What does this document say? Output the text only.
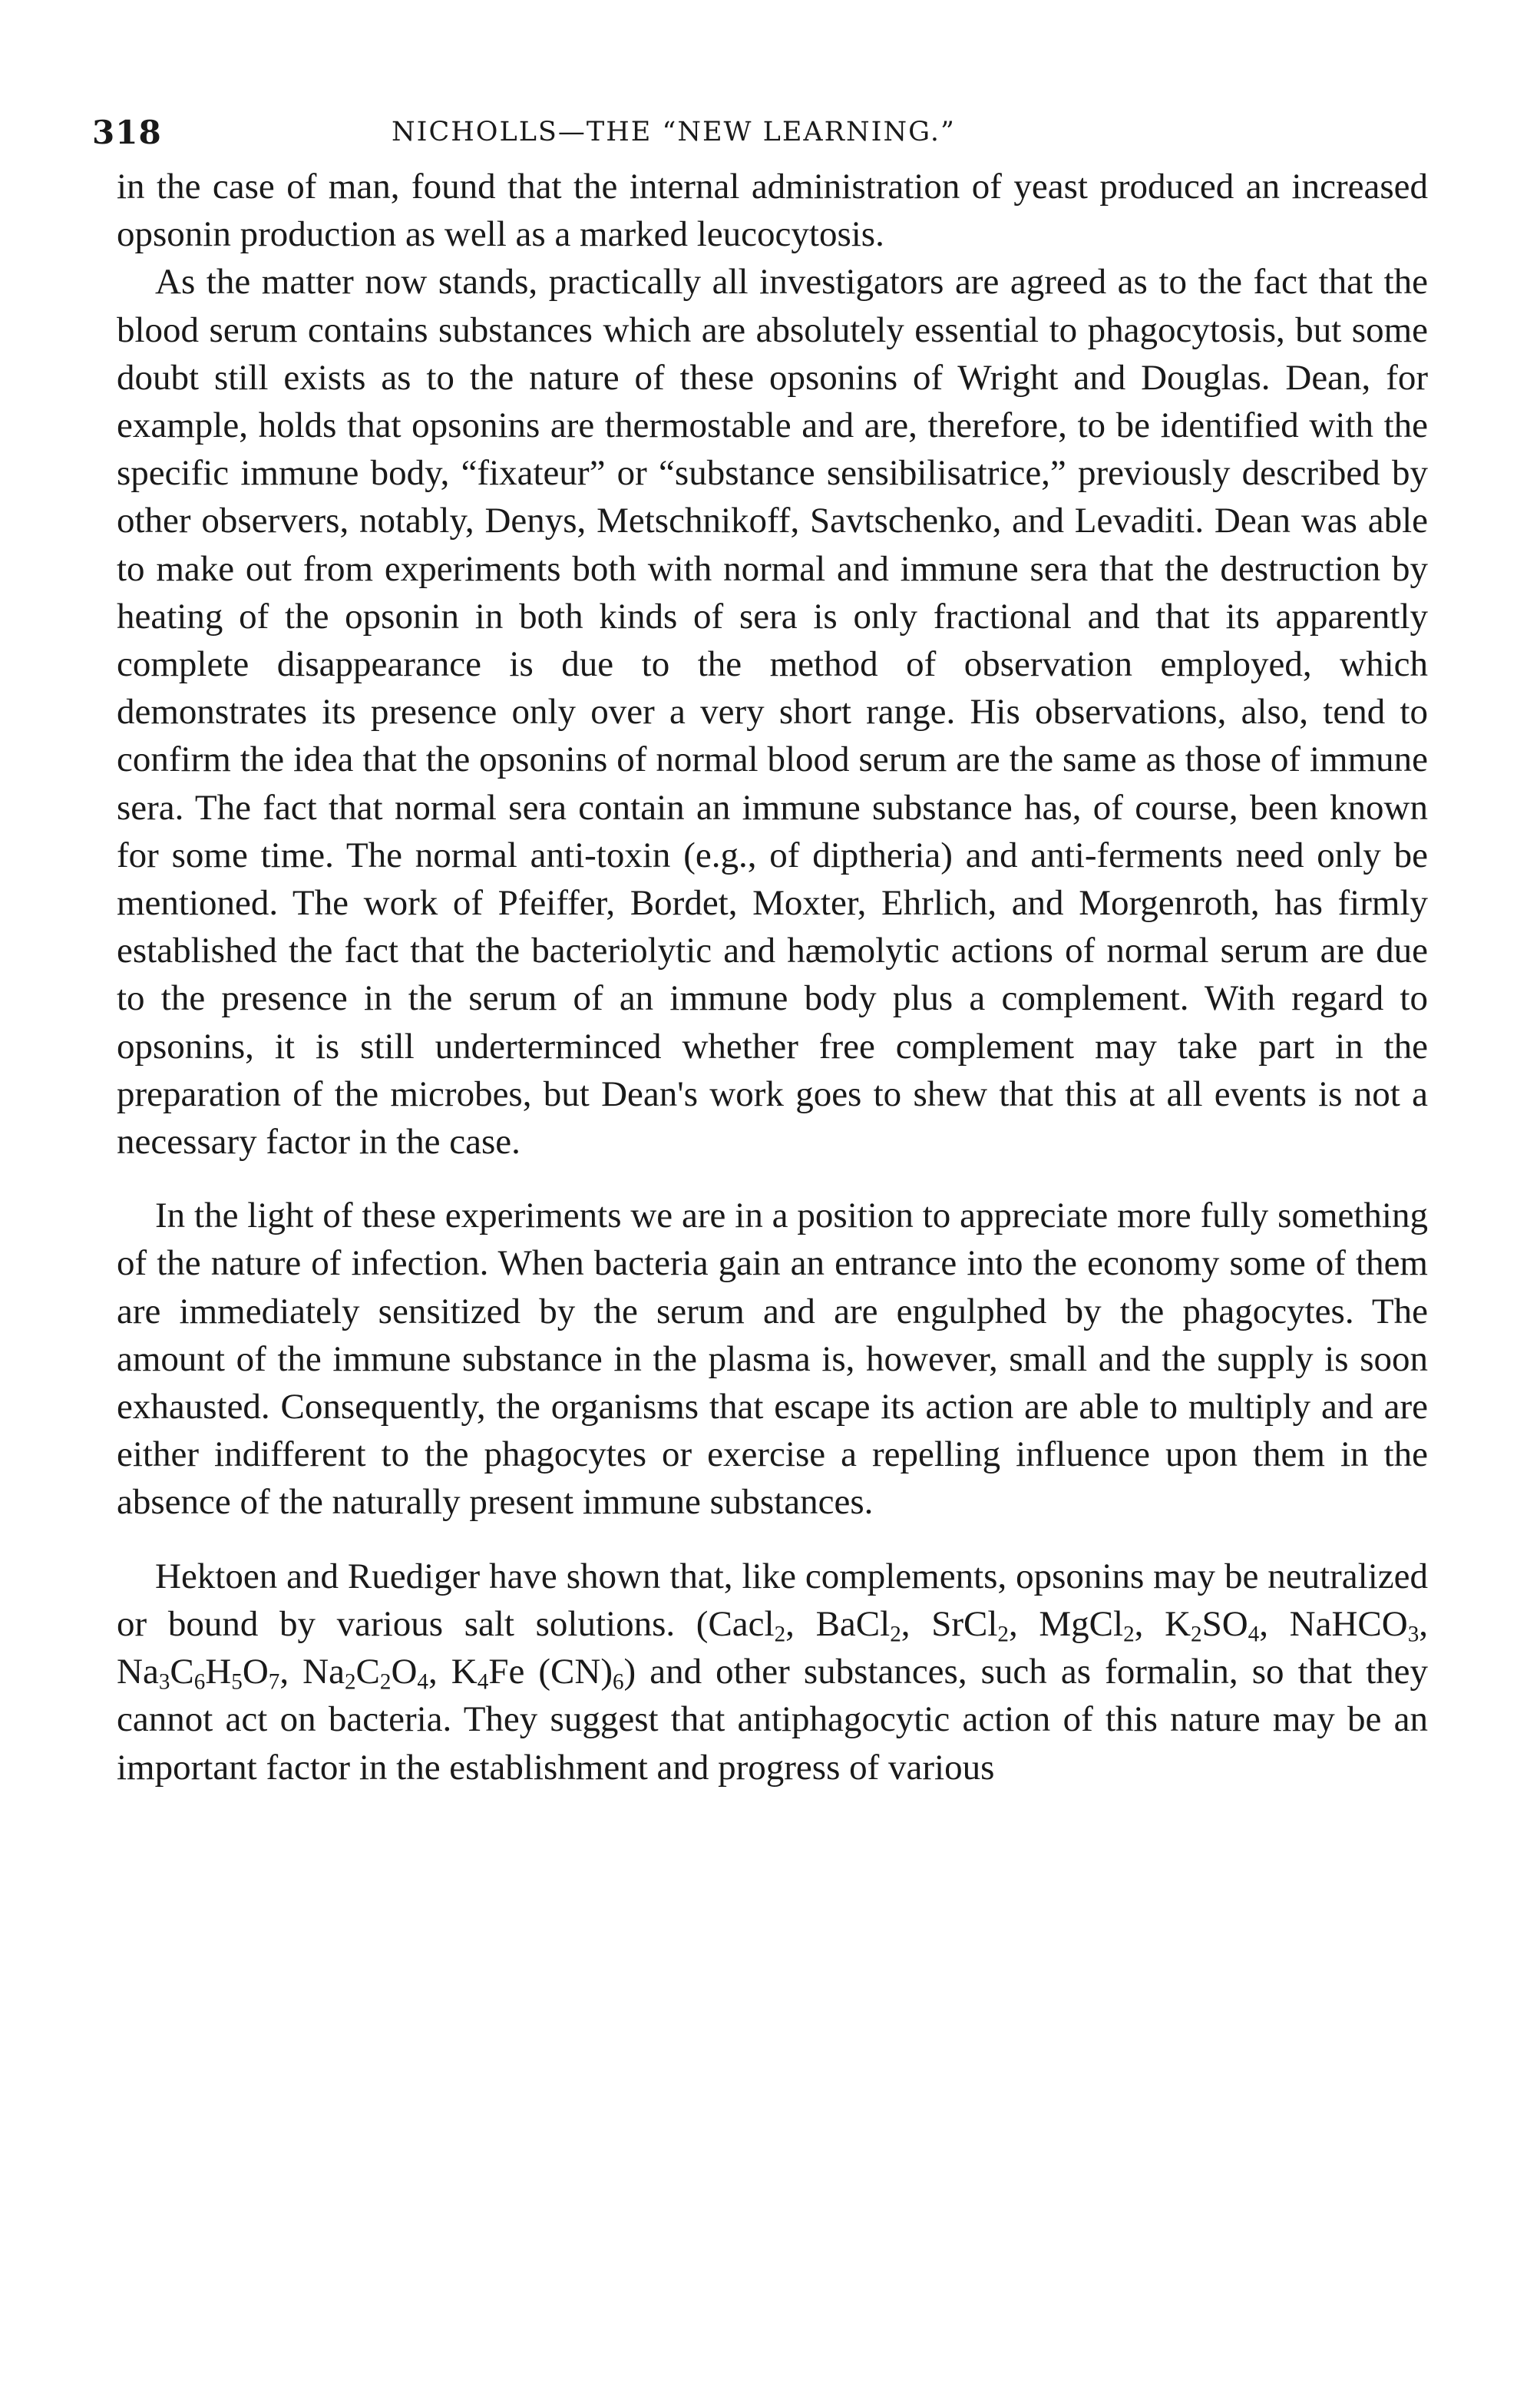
318	NICHOLLS—THE “NEW LEARNING.”

in the case of man, found that the internal administration of yeast produced an increased opsonin production as well as a marked leucocytosis.

As the matter now stands, practically all investigators are agreed as to the fact that the blood serum contains substances which are absolutely essential to phagocytosis, but some doubt still exists as to the nature of these opsonins of Wright and Douglas. Dean, for example, holds that opsonins are thermostable and are, therefore, to be identified with the specific immune body, “fixateur” or “substance sensibilisatrice,” previously described by other observers, notably, Denys, Metschnikoff, Savtschenko, and Levaditi. Dean was able to make out from experiments both with normal and immune sera that the destruction by heating of the opsonin in both kinds of sera is only fractional and that its apparently complete disappearance is due to the method of observation employed, which demonstrates its presence only over a very short range. His observations, also, tend to confirm the idea that the opsonins of normal blood serum are the same as those of immune sera. The fact that normal sera contain an immune substance has, of course, been known for some time. The normal anti-toxin (e.g., of diptheria) and anti-ferments need only be mentioned. The work of Pfeiffer, Bordet, Moxter, Ehrlich, and Morgenroth, has firmly established the fact that the bacteriolytic and hæmolytic actions of normal serum are due to the presence in the serum of an immune body plus a complement. With regard to opsonins, it is still underterminced whether free complement may take part in the preparation of the microbes, but Dean's work goes to shew that this at all events is not a necessary factor in the case.

In the light of these experiments we are in a position to appreciate more fully something of the nature of infection. When bacteria gain an entrance into the economy some of them are immediately sensitized by the serum and are engulphed by the phagocytes. The amount of the immune substance in the plasma is, however, small and the supply is soon exhausted. Consequently, the organisms that escape its action are able to multiply and are either indifferent to the phagocytes or exercise a repelling influence upon them in the absence of the naturally present immune substances.

Hektoen and Ruediger have shown that, like complements, opsonins may be neutralized or bound by various salt solutions. (Cacl$_2$, BaCl$_2$, SrCl$_2$, MgCl$_2$, $K_2SO_4$, NaHCO$_3$, $Na_3C_6H_5O_7$, $Na_2C_2O_4$, $K_4Fe$ $(CN)_6$) and other substances, such as formalin, so that they cannot act on bacteria. They suggest that antiphagocytic action of this nature may be an important factor in the establishment and progress of various
